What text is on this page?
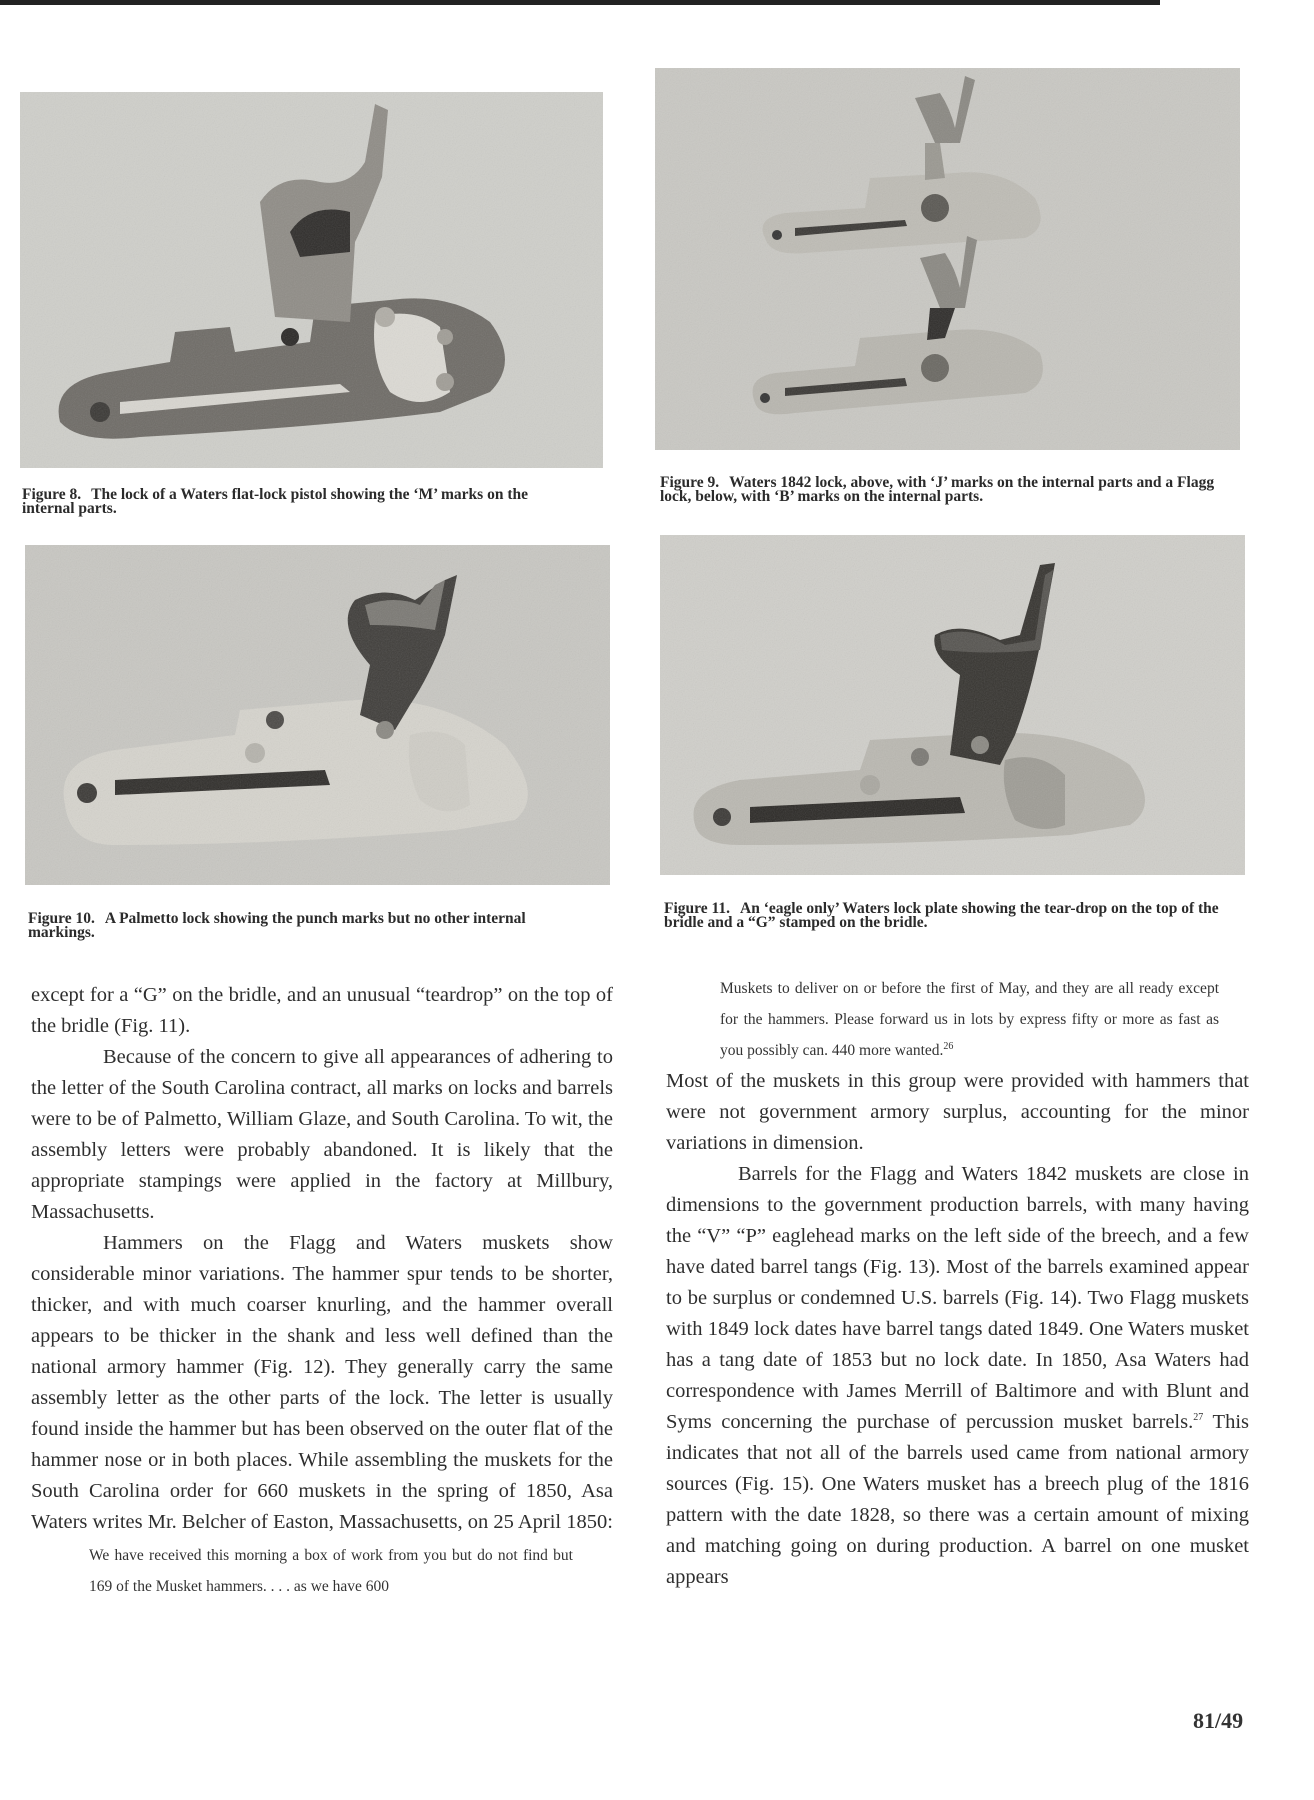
Figure 8. The lock of a Waters flat-lock pistol showing the ‘M’ marks on the internal parts.
Figure 9. Waters 1842 lock, above, with ‘J’ marks on the internal parts and a Flagg lock, below, with ‘B’ marks on the internal parts.
Figure 10. A Palmetto lock showing the punch marks but no other internal markings.
Figure 11. An ‘eagle only’ Waters lock plate showing the tear-drop on the top of the bridle and a “G” stamped on the bridle.

except for a “G” on the bridle, and an unusual “teardrop” on the top of the bridle (Fig. 11).

Because of the concern to give all appearances of adhering to the letter of the South Carolina contract, all marks on locks and barrels were to be of Palmetto, William Glaze, and South Carolina. To wit, the assembly letters were probably abandoned. It is likely that the appropriate stampings were applied in the factory at Millbury, Massachusetts.

Hammers on the Flagg and Waters muskets show considerable minor variations. The hammer spur tends to be shorter, thicker, and with much coarser knurling, and the hammer overall appears to be thicker in the shank and less well defined than the national armory hammer (Fig. 12). They generally carry the same assembly letter as the other parts of the lock. The letter is usually found inside the hammer but has been observed on the outer flat of the hammer nose or in both places. While assembling the muskets for the South Carolina order for 660 muskets in the spring of 1850, Asa Waters writes Mr. Belcher of Easton, Massachusetts, on 25 April 1850:

We have received this morning a box of work from you but do not find but 169 of the Musket hammers. . . . as we have 600

Muskets to deliver on or before the first of May, and they are all ready except for the hammers. Please forward us in lots by express fifty or more as fast as you possibly can. 440 more wanted.$^{26}$

Most of the muskets in this group were provided with hammers that were not government armory surplus, accounting for the minor variations in dimension.

Barrels for the Flagg and Waters 1842 muskets are close in dimensions to the government production barrels, with many having the “V” “P” eaglehead marks on the left side of the breech, and a few have dated barrel tangs (Fig. 13). Most of the barrels examined appear to be surplus or condemned U.S. barrels (Fig. 14). Two Flagg muskets with 1849 lock dates have barrel tangs dated 1849. One Waters musket has a tang date of 1853 but no lock date. In 1850, Asa Waters had correspondence with James Merrill of Baltimore and with Blunt and Syms concerning the purchase of percussion musket barrels.$^{27}$ This indicates that not all of the barrels used came from national armory sources (Fig. 15). One Waters musket has a breech plug of the 1816 pattern with the date 1828, so there was a certain amount of mixing and matching going on during production. A barrel on one musket appears

81/49
